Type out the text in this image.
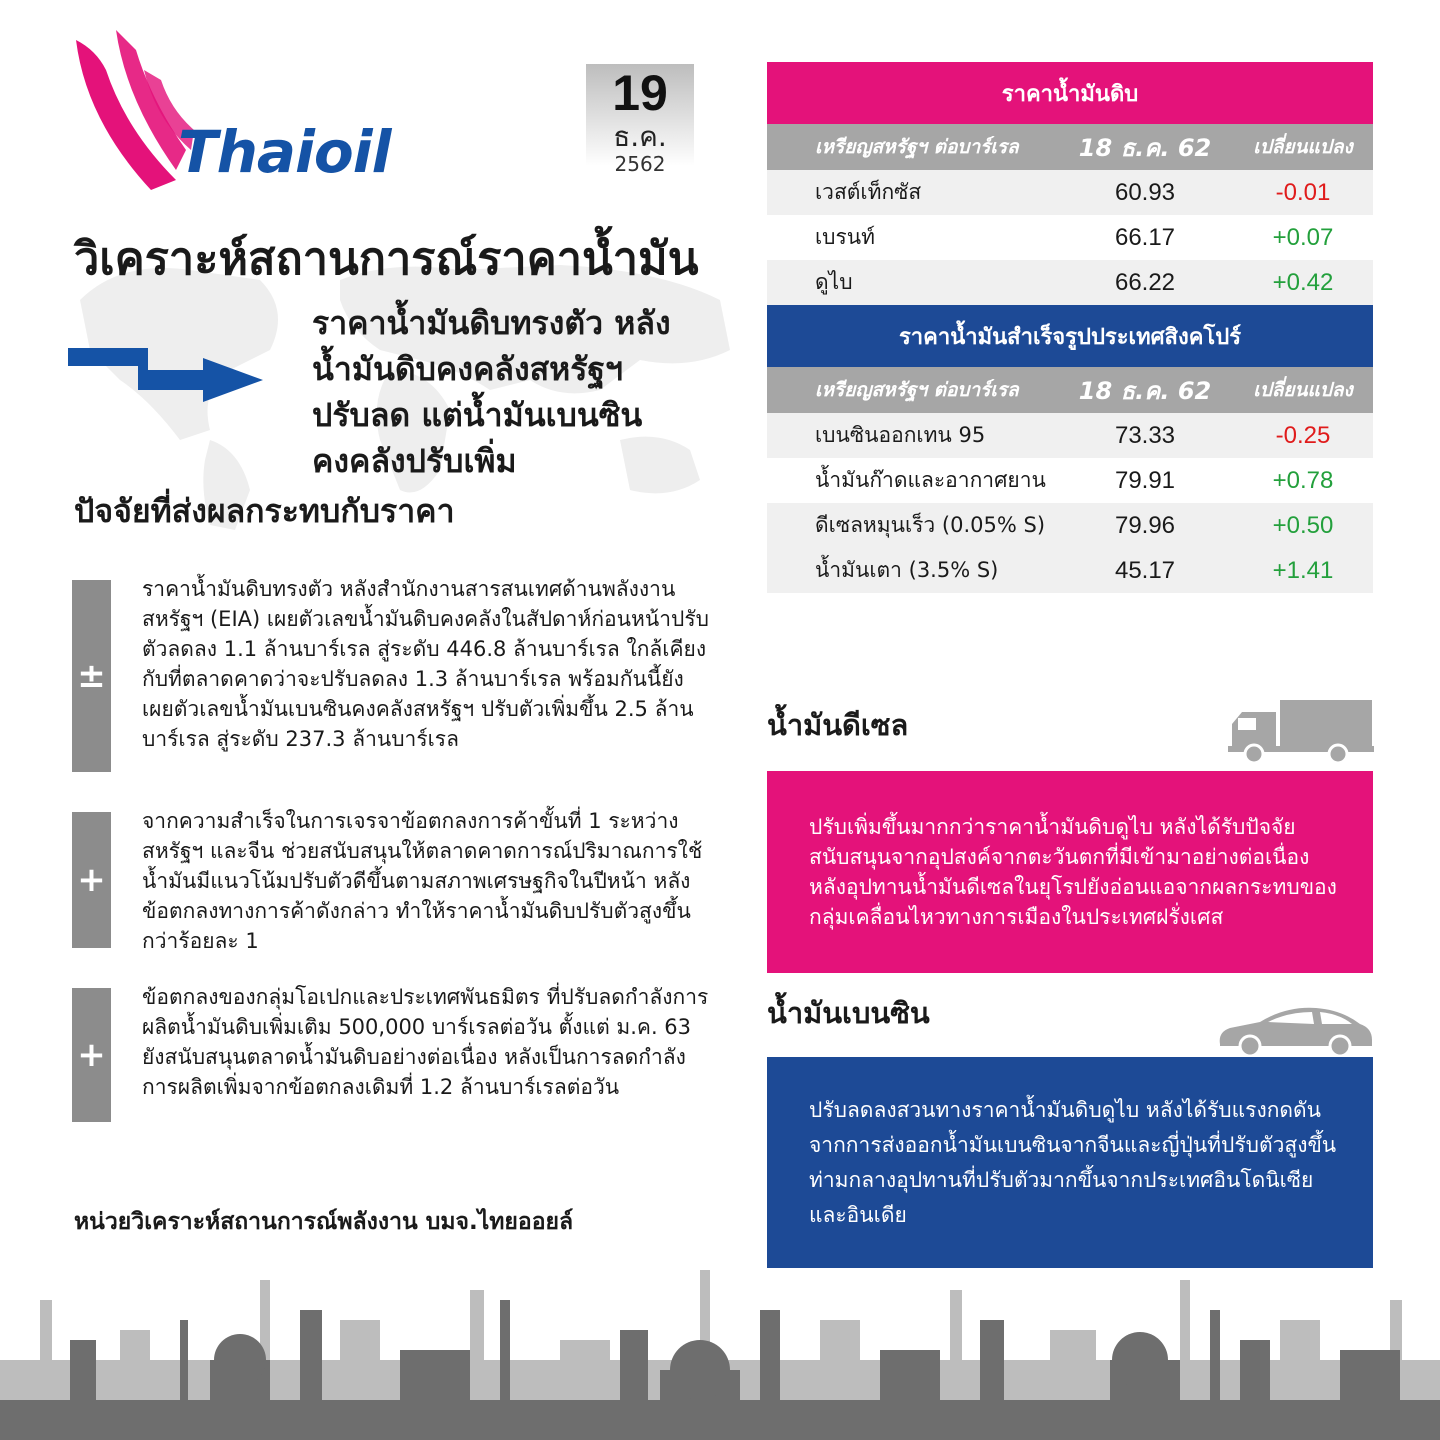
Thaioil
19
ธ.ค.
2562
วิเคราะห์สถานการณ์ราคาน้ำมัน
ราคาน้ำมันดิบทรงตัว หลัง
น้ำมันดิบคงคลังสหรัฐฯ
ปรับลด แต่น้ำมันเบนซิน
คงคลังปรับเพิ่ม
ปัจจัยที่ส่งผลกระทบกับราคา
±
ราคาน้ำมันดิบทรงตัว หลังสำนักงานสารสนเทศด้านพลังงานสหรัฐฯ (EIA) เผยตัวเลขน้ำมันดิบคงคลังในสัปดาห์ก่อนหน้าปรับตัวลดลง 1.1 ล้านบาร์เรล สู่ระดับ 446.8 ล้านบาร์เรล ใกล้เคียงกับที่ตลาดคาดว่าจะปรับลดลง 1.3 ล้านบาร์เรล พร้อมกันนี้ยังเผยตัวเลขน้ำมันเบนซินคงคลังสหรัฐฯ ปรับตัวเพิ่มขึ้น 2.5 ล้านบาร์เรล สู่ระดับ 237.3 ล้านบาร์เรล
+
จากความสำเร็จในการเจรจาข้อตกลงการค้าขั้นที่ 1 ระหว่างสหรัฐฯ และจีน ช่วยสนับสนุนให้ตลาดคาดการณ์ปริมาณการใช้น้ำมันมีแนวโน้มปรับตัวดีขึ้นตามสภาพเศรษฐกิจในปีหน้า หลังข้อตกลงทางการค้าดังกล่าว ทำให้ราคาน้ำมันดิบปรับตัวสูงขึ้นกว่าร้อยละ 1
+
ข้อตกลงของกลุ่มโอเปกและประเทศพันธมิตร ที่ปรับลดกำลังการผลิตน้ำมันดิบเพิ่มเติม 500,000 บาร์เรลต่อวัน ตั้งแต่ ม.ค. 63 ยังสนับสนุนตลาดน้ำมันดิบอย่างต่อเนื่อง หลังเป็นการลดกำลังการผลิตเพิ่มจากข้อตกลงเดิมที่ 1.2 ล้านบาร์เรลต่อวัน
หน่วยวิเคราะห์สถานการณ์พลังงาน บมจ.ไทยออยล์
ราคาน้ำมันดิบ
เหรียญสหรัฐฯ ต่อบาร์เรล	18 ธ.ค. 62	เปลี่ยนแปลง
เวสต์เท็กซัส	60.93	-0.01
เบรนท์	66.17	+0.07
ดูไบ	66.22	+0.42
ราคาน้ำมันสำเร็จรูปประเทศสิงคโปร์
เหรียญสหรัฐฯ ต่อบาร์เรล	18 ธ.ค. 62	เปลี่ยนแปลง
เบนซินออกเทน 95	73.33	-0.25
น้ำมันก๊าดและอากาศยาน	79.91	+0.78
ดีเซลหมุนเร็ว (0.05% S)	79.96	+0.50
น้ำมันเตา (3.5% S)	45.17	+1.41
น้ำมันดีเซล
ปรับเพิ่มขึ้นมากกว่าราคาน้ำมันดิบดูไบ หลังได้รับปัจจัยสนับสนุนจากอุปสงค์จากตะวันตกที่มีเข้ามาอย่างต่อเนื่อง หลังอุปทานน้ำมันดีเซลในยุโรปยังอ่อนแอจากผลกระทบของกลุ่มเคลื่อนไหวทางการเมืองในประเทศฝรั่งเศส
น้ำมันเบนซิน
ปรับลดลงสวนทางราคาน้ำมันดิบดูไบ หลังได้รับแรงกดดันจากการส่งออกน้ำมันเบนซินจากจีนและญี่ปุ่นที่ปรับตัวสูงขึ้นท่ามกลางอุปทานที่ปรับตัวมากขึ้นจากประเทศอินโดนิเซียและอินเดีย
